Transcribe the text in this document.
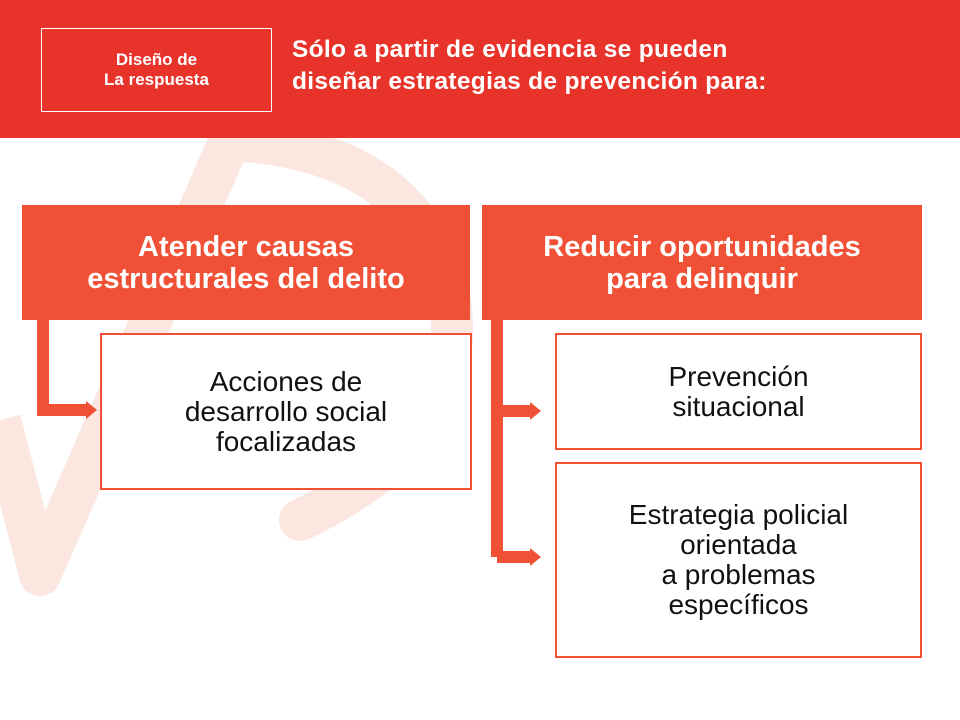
Diseño de
La respuesta
Sólo a partir de evidencia se pueden
diseñar estrategias de prevención para:
Atender causas
estructurales del delito
Acciones de
desarrollo social
focalizadas
Reducir oportunidades
para delinquir
Prevención
situacional
Estrategia policial
orientada
a problemas
específicos
